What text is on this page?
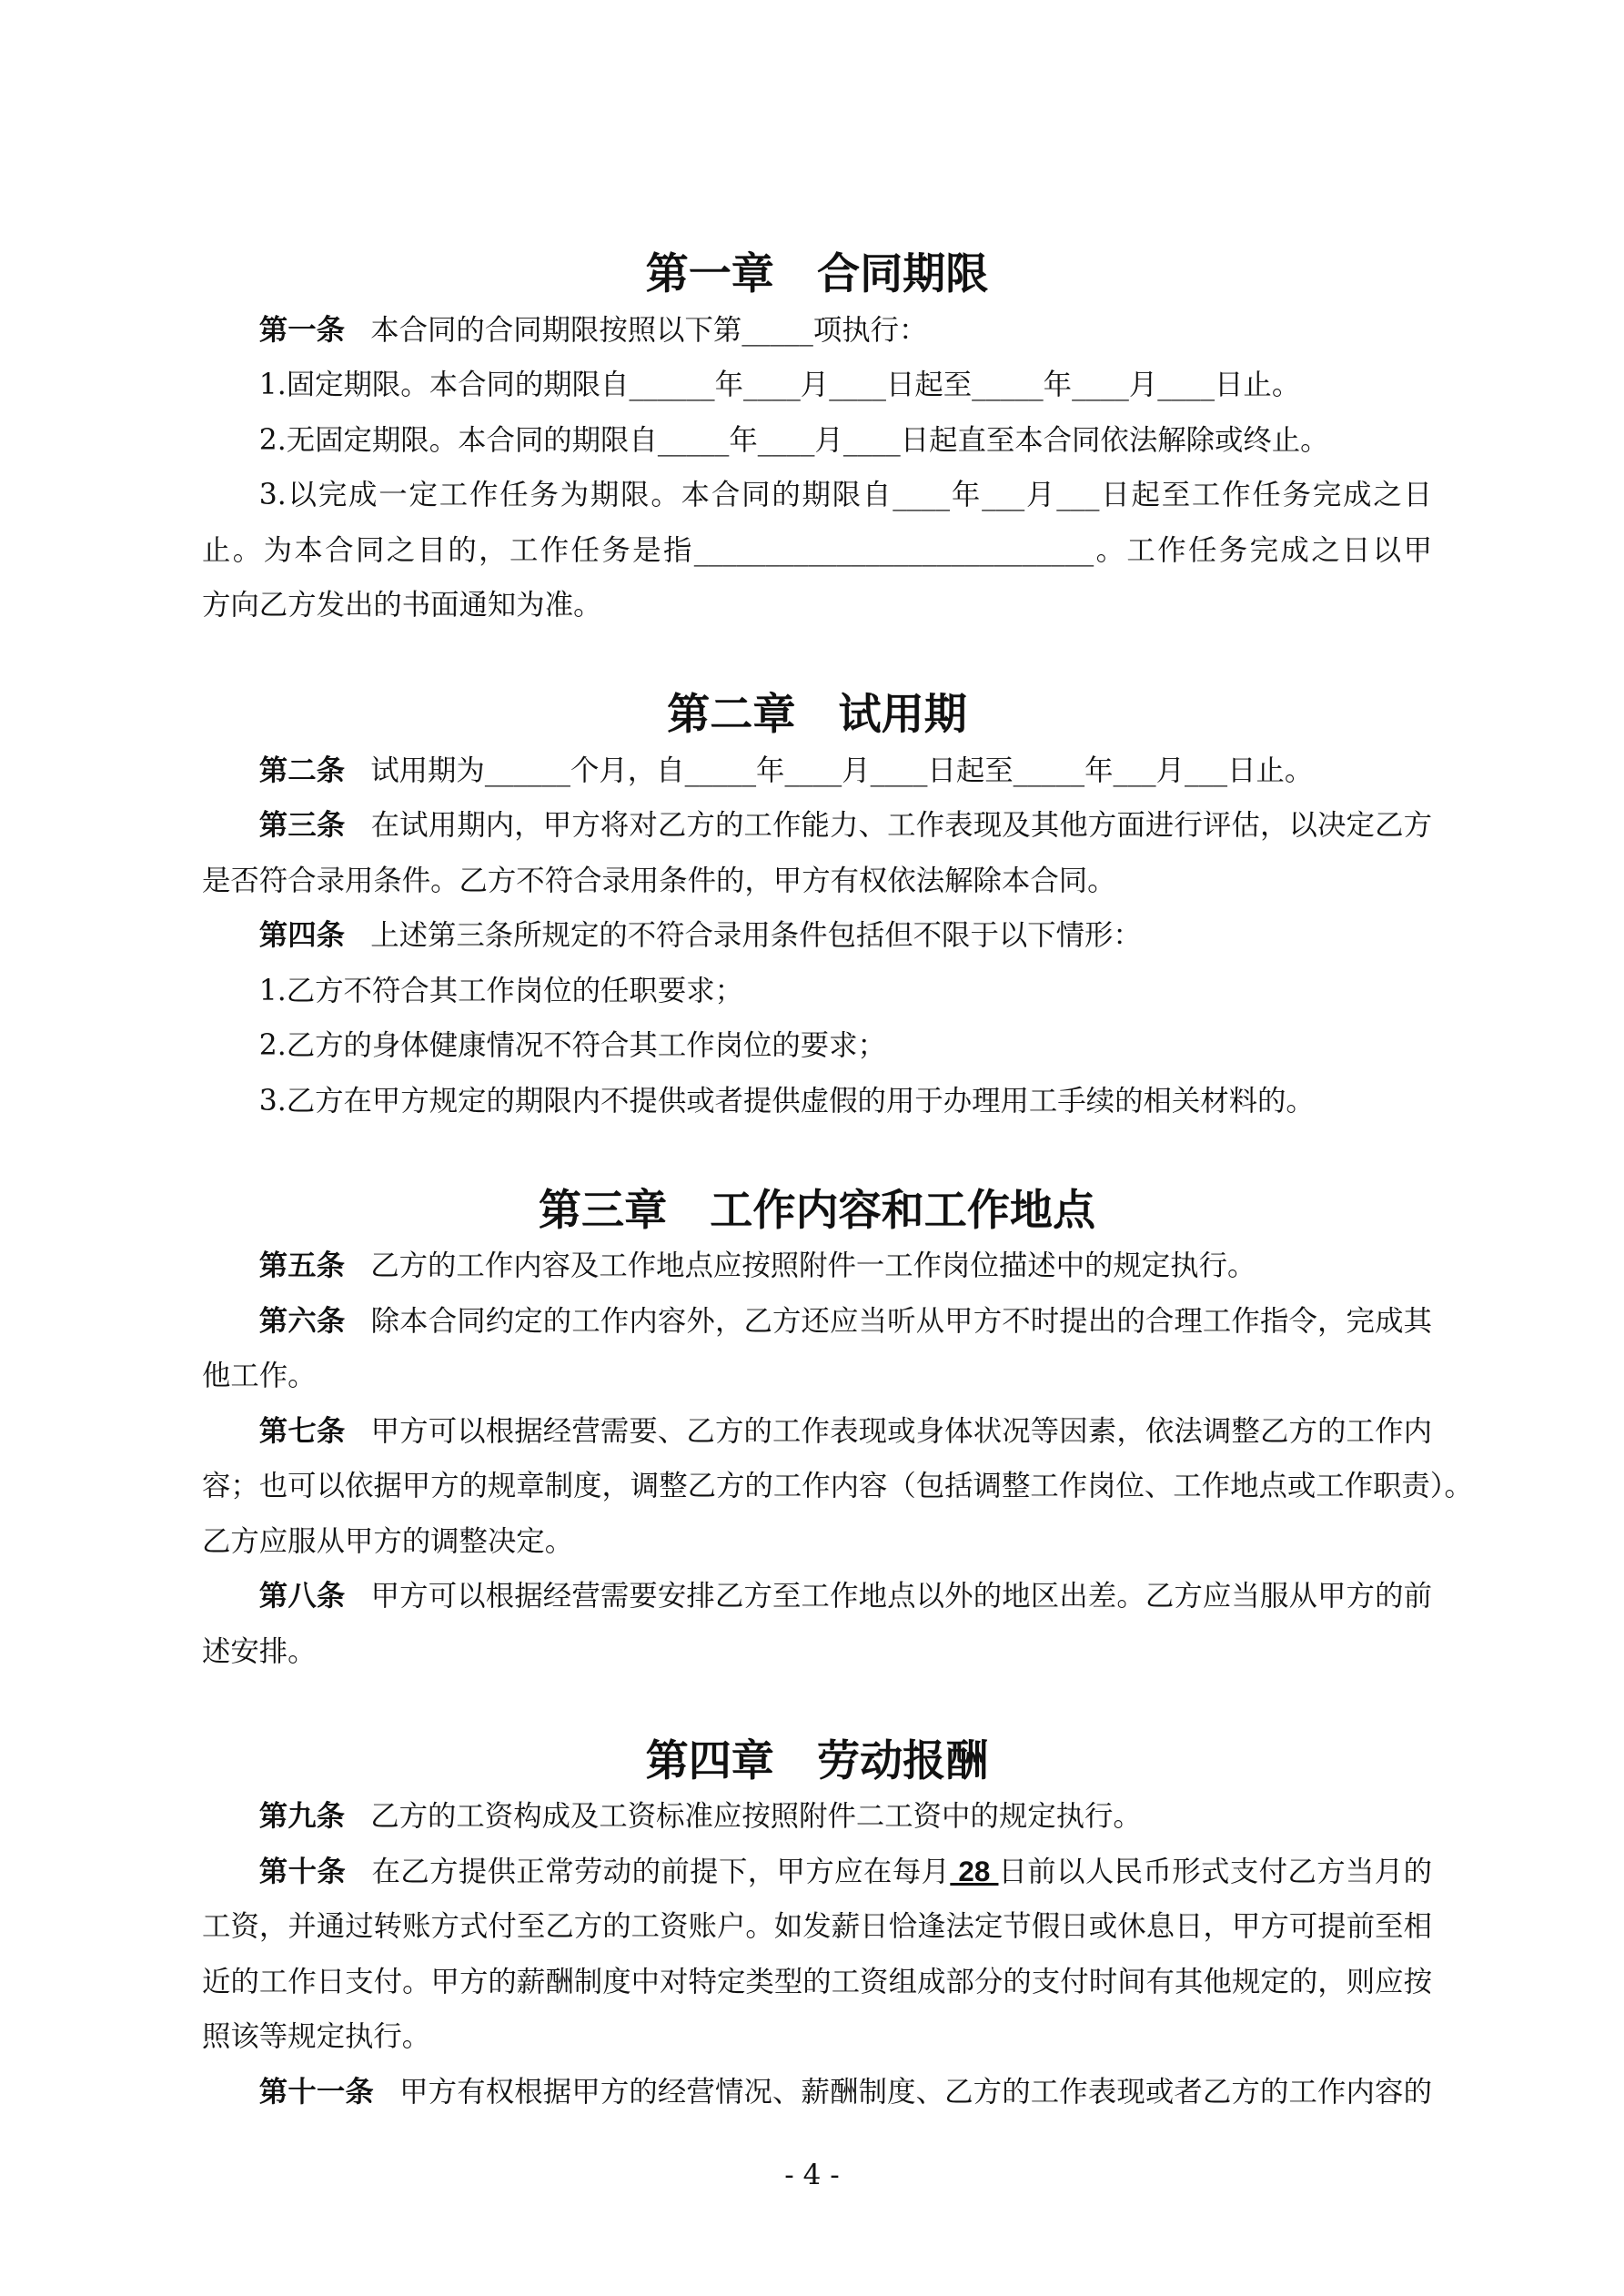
第一章　合同期限

第一条 本合同的合同期限按照以下第_____项执行：

1.固定期限。本合同的期限自______年____月____日起至_____年____月____日止。

2.无固定期限。本合同的期限自_____年____月____日起直至本合同依法解除或终止。

3.以完成一定工作任务为期限。本合同的期限自____年___月___日起至工作任务完成之日
止。为本合同之目的，工作任务是指____________________________。工作任务完成之日以甲
方向乙方发出的书面通知为准。

第二章　试用期

第二条 试用期为______个月，自_____年____月____日起至_____年___月___日止。

第三条 在试用期内，甲方将对乙方的工作能力、工作表现及其他方面进行评估，以决定乙方
是否符合录用条件。乙方不符合录用条件的，甲方有权依法解除本合同。

第四条 上述第三条所规定的不符合录用条件包括但不限于以下情形：

1.乙方不符合其工作岗位的任职要求；

2.乙方的身体健康情况不符合其工作岗位的要求；

3.乙方在甲方规定的期限内不提供或者提供虚假的用于办理用工手续的相关材料的。

第三章　工作内容和工作地点

第五条 乙方的工作内容及工作地点应按照附件一工作岗位描述中的规定执行。

第六条 除本合同约定的工作内容外，乙方还应当听从甲方不时提出的合理工作指令，完成其
他工作。

第七条 甲方可以根据经营需要、乙方的工作表现或身体状况等因素，依法调整乙方的工作内
容；也可以依据甲方的规章制度，调整乙方的工作内容（包括调整工作岗位、工作地点或工作职责）。
乙方应服从甲方的调整决定。

第八条 甲方可以根据经营需要安排乙方至工作地点以外的地区出差。乙方应当服从甲方的前
述安排。

第四章　劳动报酬

第九条 乙方的工资构成及工资标准应按照附件二工资中的规定执行。

第十条 在乙方提供正常劳动的前提下，甲方应在每月 28 日前以人民币形式支付乙方当月的
工资，并通过转账方式付至乙方的工资账户。如发薪日恰逢法定节假日或休息日，甲方可提前至相
近的工作日支付。甲方的薪酬制度中对特定类型的工资组成部分的支付时间有其他规定的，则应按
照该等规定执行。

第十一条 甲方有权根据甲方的经营情况、薪酬制度、乙方的工作表现或者乙方的工作内容的

- 4 -
